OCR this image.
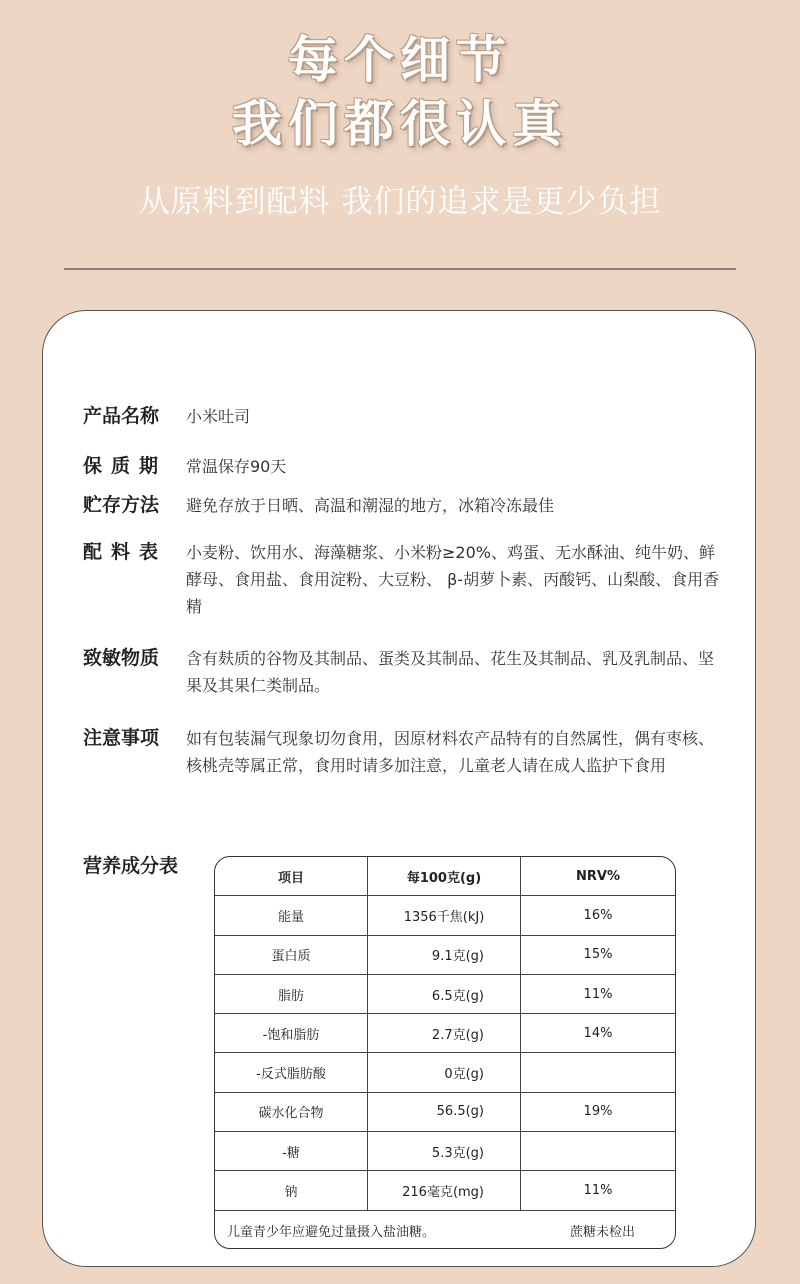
每个细节
我们都很认真
从原料到配料 我们的追求是更少负担
产品名称	小米吐司
保质期	常温保存90天
贮存方法	避免存放于日晒、高温和潮湿的地方，冰箱冷冻最佳
配料表	小麦粉、饮用水、海藻糖浆、小米粉≥20%、鸡蛋、无水酥油、纯牛奶、鲜酵母、食用盐、食用淀粉、大豆粉、 β-胡萝卜素、丙酸钙、山梨酸、食用香精
致敏物质	含有麸质的谷物及其制品、蛋类及其制品、花生及其制品、乳及乳制品、坚果及其果仁类制品。
注意事项	如有包装漏气现象切勿食用，因原材料农产品特有的自然属性，偶有枣核、核桃壳等属正常，食用时请多加注意，儿童老人请在成人监护下食用
营养成分表
项目	每100克(g)	NRV%
能量	1356千焦(kJ)	16%
蛋白质	9.1克(g)	15%
脂肪	6.5克(g)	11%
-饱和脂肪	2.7克(g)	14%
-反式脂肪酸	0克(g)
碳水化合物	56.5(g)	19%
-糖	5.3克(g)
钠	216毫克(mg)	11%
儿童青少年应避免过量摄入盐油糖。	蔗糖未检出
